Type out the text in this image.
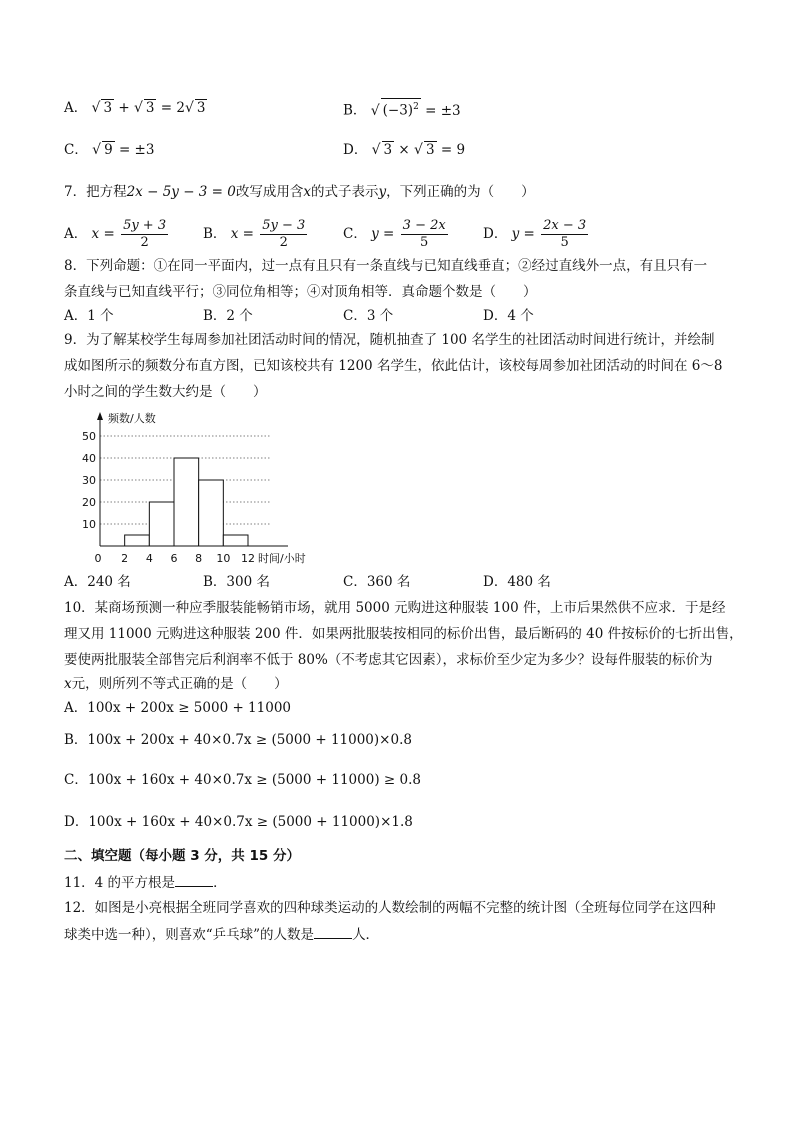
A． √ 3 + √ 3 = 2√ 3	B． √ $(-3)^2 = \pm 3$
C． √ 9 = ±3	D． √ 3 × √ 3 = 9
7．把方程2x − 5y − 3 = 0改写成用含x的式子表示y，下列正确的为（　　）
A． $x = \frac{5y + 3}{2}$	B． $x = \frac{5y - 3}{2}$	C． $y = \frac{3 - 2x}{5}$	D． $y = \frac{2x - 3}{5}$
8．下列命题：①在同一平面内，过一点有且只有一条直线与已知直线垂直；②经过直线外一点，有且只有一
条直线与已知直线平行；③同位角相等；④对顶角相等．真命题个数是（　　）
A．1 个	B．2 个	C．3 个	D．4 个
9．为了解某校学生每周参加社团活动时间的情况，随机抽查了 100 名学生的社团活动时间进行统计，并绘制
成如图所示的频数分布直方图，已知该校共有 1200 名学生，依此估计，该校每周参加社团活动的时间在 6～8
小时之间的学生数大约是（　　）
10
20
30
40
50
0 2 4 6 8 10 12
频数/人数
时间/小时
A．240 名	B．300 名	C．360 名	D．480 名
10．某商场预测一种应季服装能畅销市场，就用 5000 元购进这种服装 100 件，上市后果然供不应求．于是经
理又用 11000 元购进这种服装 200 件．如果两批服装按相同的标价出售，最后断码的 40 件按标价的七折出售，
要使两批服装全部售完后利润率不低于 80%（不考虑其它因素），求标价至少定为多少？设每件服装的标价为
x元，则所列不等式正确的是（　　）
A．100x + 200x ≥ 5000 + 11000
B．100x + 200x + 40×0.7x ≥ (5000 + 11000)×0.8
C．100x + 160x + 40×0.7x ≥ (5000 + 11000) ≥ 0.8
D．100x + 160x + 40×0.7x ≥ (5000 + 11000)×1.8
二、填空题（每小题 3 分，共 15 分）
11．4 的平方根是	．
12．如图是小亮根据全班同学喜欢的四种球类运动的人数绘制的两幅不完整的统计图（全班每位同学在这四种
球类中选一种），则喜欢“乒乓球”的人数是	人．
